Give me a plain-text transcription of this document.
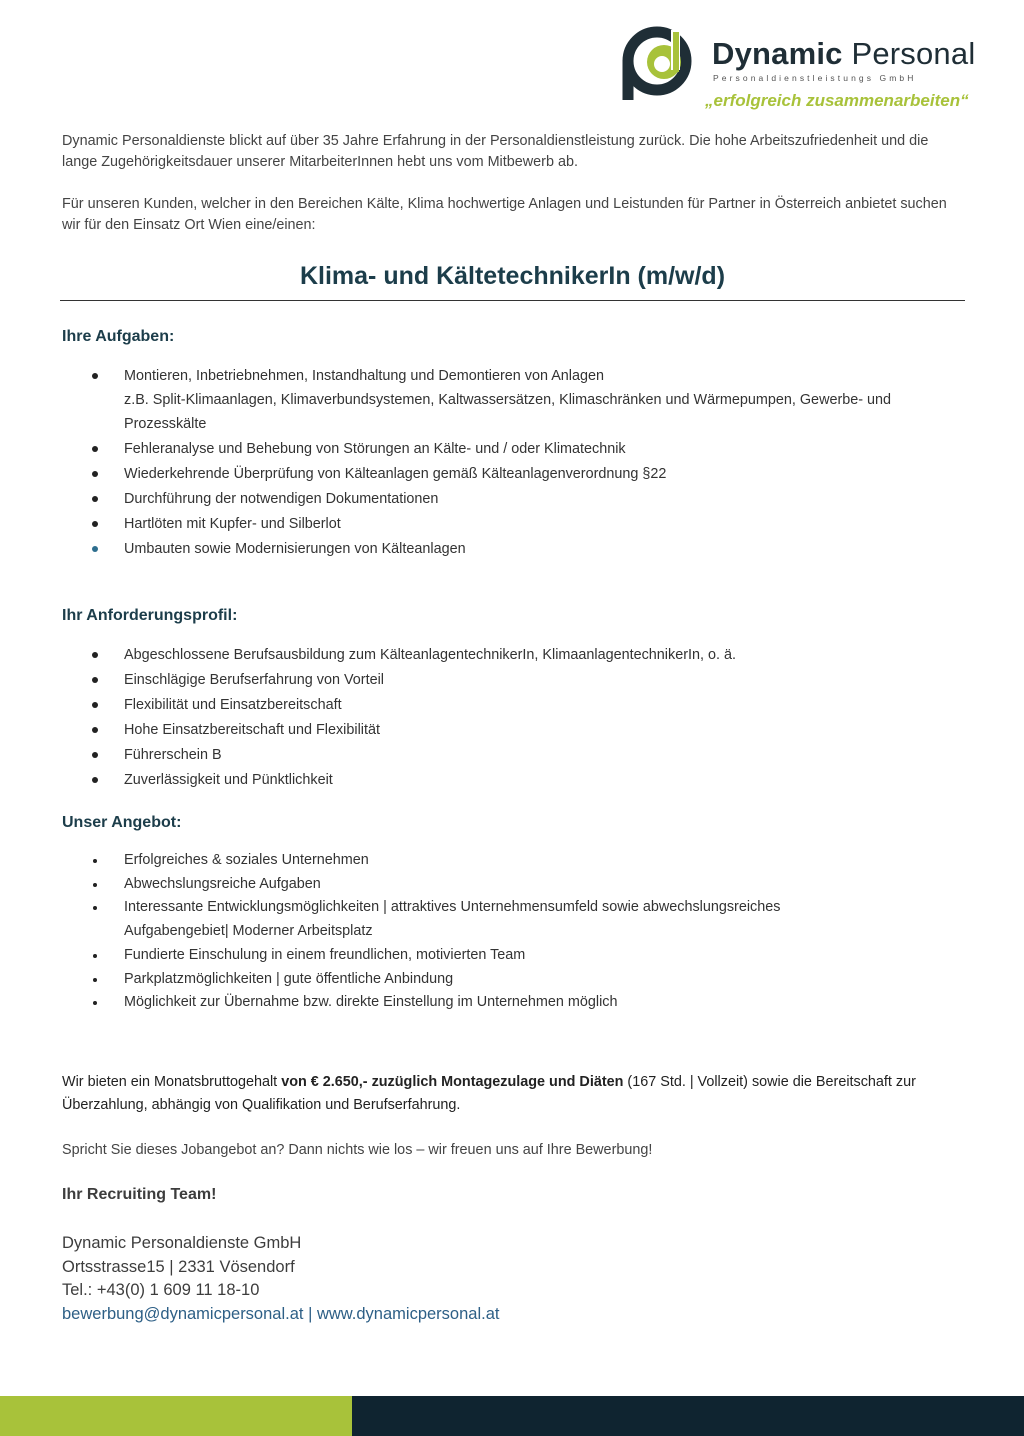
Dynamic Personal
Personaldienstleistungs GmbH
„erfolgreich zusammenarbeiten“

Dynamic Personaldienste blickt auf über 35 Jahre Erfahrung in der Personaldienstleistung zurück. Die hohe Arbeitszufriedenheit und die lange Zugehörigkeitsdauer unserer MitarbeiterInnen hebt uns vom Mitbewerb ab.

Für unseren Kunden, welcher in den Bereichen Kälte, Klima hochwertige Anlagen und Leistunden für Partner in Österreich anbietet suchen wir für den Einsatz Ort Wien eine/einen:

Klima- und KältetechnikerIn (m/w/d)
Ihre Aufgaben:
Montieren, Inbetriebnehmen, Instandhaltung und Demontieren von Anlagen
z.B. Split-Klimaanlagen, Klimaverbundsystemen, Kaltwassersätzen, Klimaschränken und Wärmepumpen, Gewerbe- und Prozesskälte
Fehleranalyse und Behebung von Störungen an Kälte- und / oder Klimatechnik
Wiederkehrende Überprüfung von Kälteanlagen gemäß Kälteanlagenverordnung §22
Durchführung der notwendigen Dokumentationen
Hartlöten mit Kupfer- und Silberlot
Umbauten sowie Modernisierungen von Kälteanlagen
Ihr Anforderungsprofil:
Abgeschlossene Berufsausbildung zum KälteanlagentechnikerIn, KlimaanlagentechnikerIn, o. ä.
Einschlägige Berufserfahrung von Vorteil
Flexibilität und Einsatzbereitschaft
Hohe Einsatzbereitschaft und Flexibilität
Führerschein B
Zuverlässigkeit und Pünktlichkeit
Unser Angebot:
Erfolgreiches & soziales Unternehmen
Abwechslungsreiche Aufgaben
Interessante Entwicklungsmöglichkeiten | attraktives Unternehmensumfeld sowie abwechslungsreiches Aufgabengebiet| Moderner Arbeitsplatz
Fundierte Einschulung in einem freundlichen, motivierten Team
Parkplatzmöglichkeiten | gute öffentliche Anbindung
Möglichkeit zur Übernahme bzw. direkte Einstellung im Unternehmen möglich

Wir bieten ein Monatsbruttogehalt von € 2.650,- zuzüglich Montagezulage und Diäten (167 Std. | Vollzeit) sowie die Bereitschaft zur Überzahlung, abhängig von Qualifikation und Berufserfahrung.

Spricht Sie dieses Jobangebot an? Dann nichts wie los – wir freuen uns auf Ihre Bewerbung!

Ihr Recruiting Team!
Dynamic Personaldienste GmbH
Ortsstrasse15 | 2331 Vösendorf
Tel.: +43(0) 1 609 11 18-10
bewerbung@dynamicpersonal.at | www.dynamicpersonal.at
